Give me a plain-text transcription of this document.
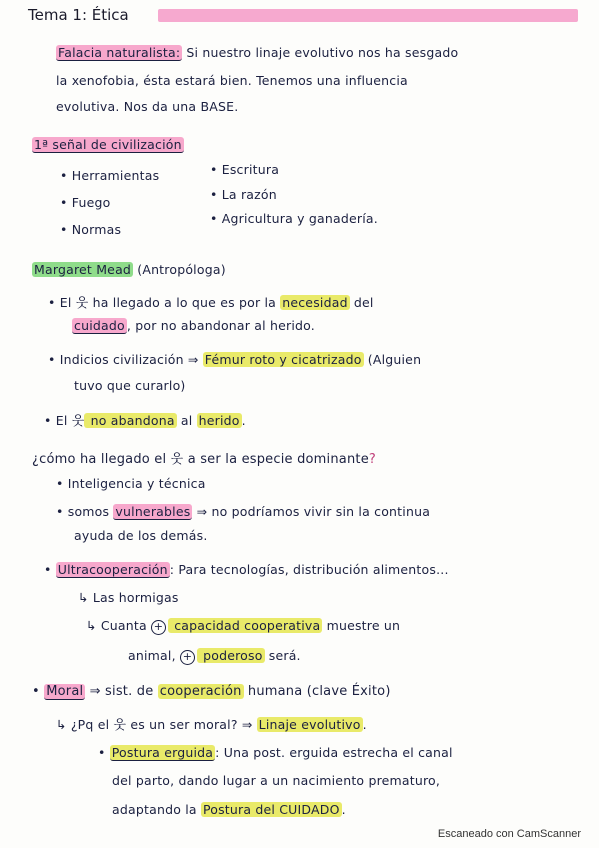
Tema 1: Ética
Falacia naturalista: Si nuestro linaje evolutivo nos ha sesgado
la xenofobia, ésta estará bien. Tenemos una influencia
evolutiva. Nos da una BASE.
1ª señal de civilización
• Herramientas
• Fuego
• Normas
• Escritura
• La razón
• Agricultura y ganadería.
Margaret Mead (Antropóloga)
• El 웃 ha llegado a lo que es por la necesidad del
cuidado , por no abandonar al herido.
• Indicios civilización ⇒ Fémur roto y cicatrizado (Alguien
tuvo que curarlo)
• El 웃 no abandona al herido .
¿cómo ha llegado el 웃 a ser la especie dominante?
• Inteligencia y técnica
• somos vulnerables ⇒ no podríamos vivir sin la continua
ayuda de los demás.
• Ultracooperación : Para tecnologías, distribución alimentos...
↳ Las hormigas
↳ Cuanta + capacidad cooperativa muestre un
animal, + poderoso será.
• Moral ⇒ sist. de cooperación humana (clave Éxito)
↳ ¿Pq el 웃 es un ser moral? ⇒ Linaje evolutivo .
• Postura erguida : Una post. erguida estrecha el canal
del parto, dando lugar a un nacimiento prematuro,
adaptando la Postura del CUIDADO .
Escaneado con CamScanner
